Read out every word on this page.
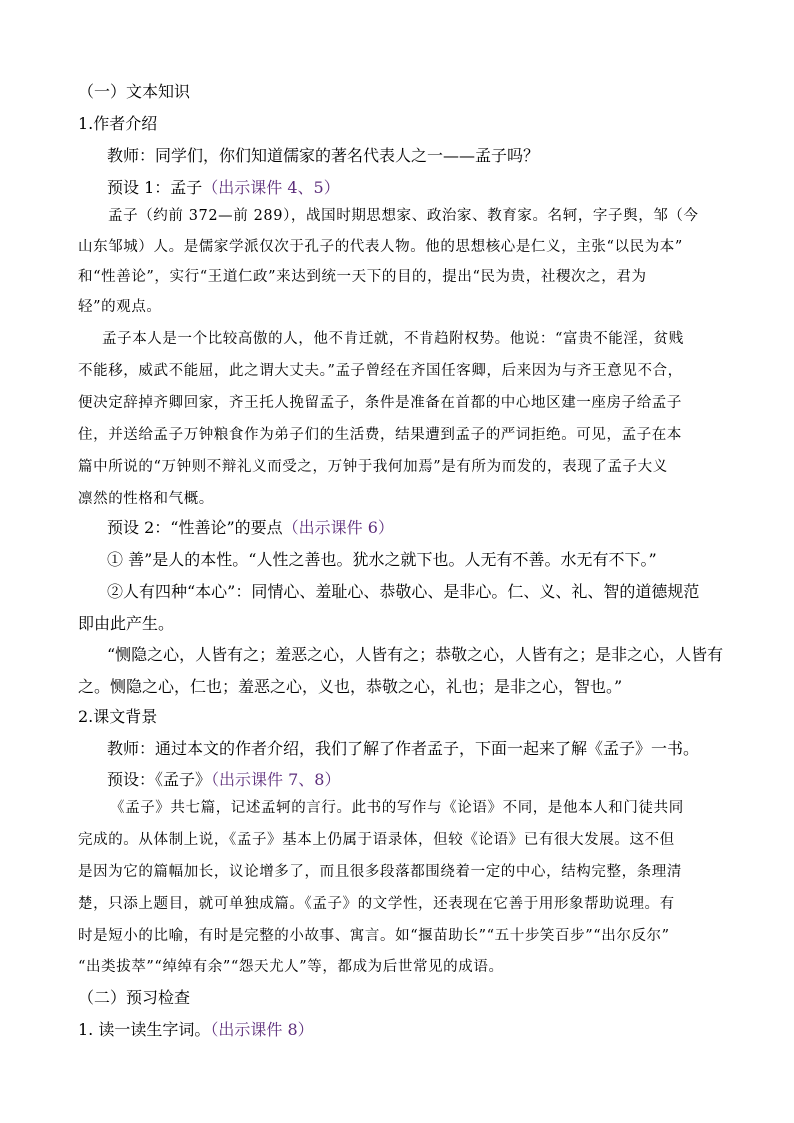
（一）文本知识
1.作者介绍
教师：同学们，你们知道儒家的著名代表人之一——孟子吗？
预设 1：孟子（出示课件 4、5）
孟子（约前 372—前 289），战国时期思想家、政治家、教育家。名轲，字子舆，邹（今
山东邹城）人。是儒家学派仅次于孔子的代表人物。他的思想核心是仁义，主张“以民为本”
和“性善论”，实行“王道仁政”来达到统一天下的目的，提出“民为贵，社稷次之，君为
轻”的观点。
孟子本人是一个比较高傲的人，他不肯迁就，不肯趋附权势。他说：“富贵不能淫，贫贱
不能移，威武不能屈，此之谓大丈夫。”孟子曾经在齐国任客卿，后来因为与齐王意见不合，
便决定辞掉齐卿回家，齐王托人挽留孟子，条件是准备在首都的中心地区建一座房子给孟子
住，并送给孟子万钟粮食作为弟子们的生活费，结果遭到孟子的严词拒绝。可见，孟子在本
篇中所说的“万钟则不辩礼义而受之，万钟于我何加焉”是有所为而发的，表现了孟子大义
凛然的性格和气概。
预设 2：“性善论”的要点（出示课件 6）
① 善”是人的本性。“人性之善也。犹水之就下也。人无有不善。水无有不下。”
②人有四种“本心”：同情心、羞耻心、恭敬心、是非心。仁、义、礼、智的道德规范
即由此产生。
“恻隐之心，人皆有之；羞恶之心，人皆有之；恭敬之心，人皆有之；是非之心，人皆有
之。恻隐之心，仁也；羞恶之心，义也，恭敬之心，礼也；是非之心，智也。”
2.课文背景
教师：通过本文的作者介绍，我们了解了作者孟子，下面一起来了解《孟子》一书。
预设：《孟子》（出示课件 7、8）
《孟子》共七篇，记述孟轲的言行。此书的写作与《论语》不同，是他本人和门徒共同
完成的。从体制上说，《孟子》基本上仍属于语录体，但较《论语》已有很大发展。这不但
是因为它的篇幅加长，议论增多了，而且很多段落都围绕着一定的中心，结构完整，条理清
楚，只添上题目，就可单独成篇。《孟子》的文学性，还表现在它善于用形象帮助说理。有
时是短小的比喻，有时是完整的小故事、寓言。如“揠苗助长”“五十步笑百步”“出尔反尔”
“出类拔萃”“绰绰有余”“怨天尤人”等，都成为后世常见的成语。
（二）预习检查
1. 读一读生字词。（出示课件 8）
